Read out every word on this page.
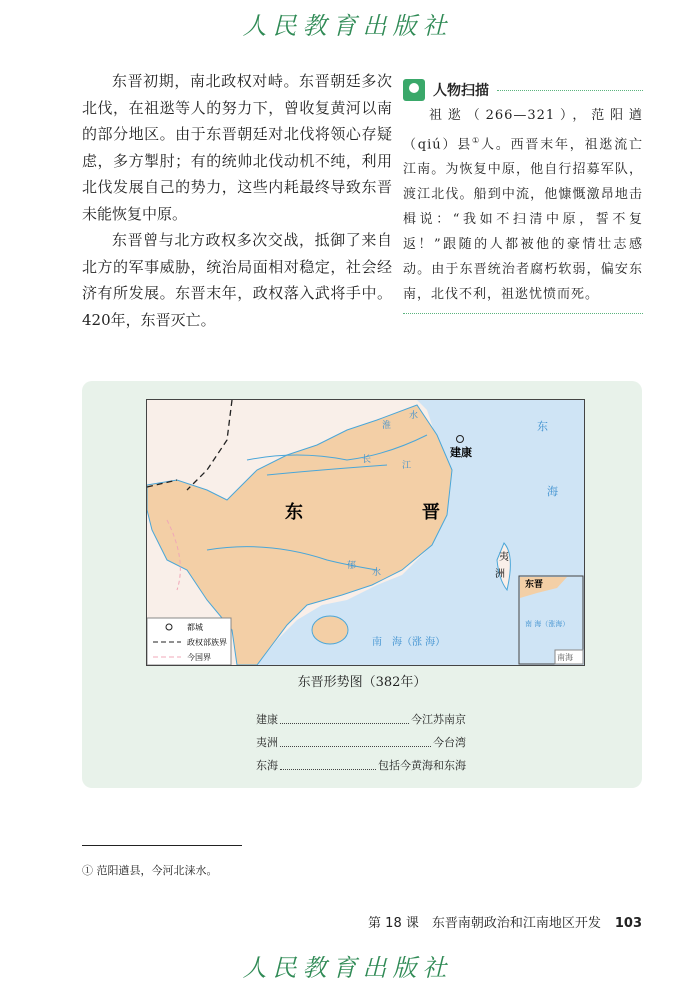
人民教育出版社

东晋初期，南北政权对峙。东晋朝廷多次北伐，在祖逖等人的努力下，曾收复黄河以南的部分地区。由于东晋朝廷对北伐将领心存疑虑，多方掣肘；有的统帅北伐动机不纯，利用北伐发展自己的势力，这些内耗最终导致东晋未能恢复中原。

东晋曾与北方政权多次交战，抵御了来自北方的军事威胁，统治局面相对稳定，社会经济有所发展。东晋末年，政权落入武将手中。420年，东晋灭亡。

人物扫描
祖逖（266—321），范阳遒（qiú）县①人。西晋末年，祖逖流亡江南。为恢复中原，他自行招募军队，渡江北伐。船到中流，他慷慨激昂地击楫说：“我如不扫清中原，誓不复返！”跟随的人都被他的豪情壮志感动。由于东晋统治者腐朽软弱，偏安东南，北伐不利，祖逖忧愤而死。
淮
水
长
江
建康
东	晋
郁
水
东
海
夷
洲
南　海（涨 海）
东晋
南 海（涨海）
南海
都城
政权部族界
今国界
东晋形势图（382年）
建康	今江苏南京
夷洲	今台湾
东海	包括今黄海和东海
① 范阳遒县，今河北涞水。
第 18 课　东晋南朝政治和江南地区开发 103
人民教育出版社
